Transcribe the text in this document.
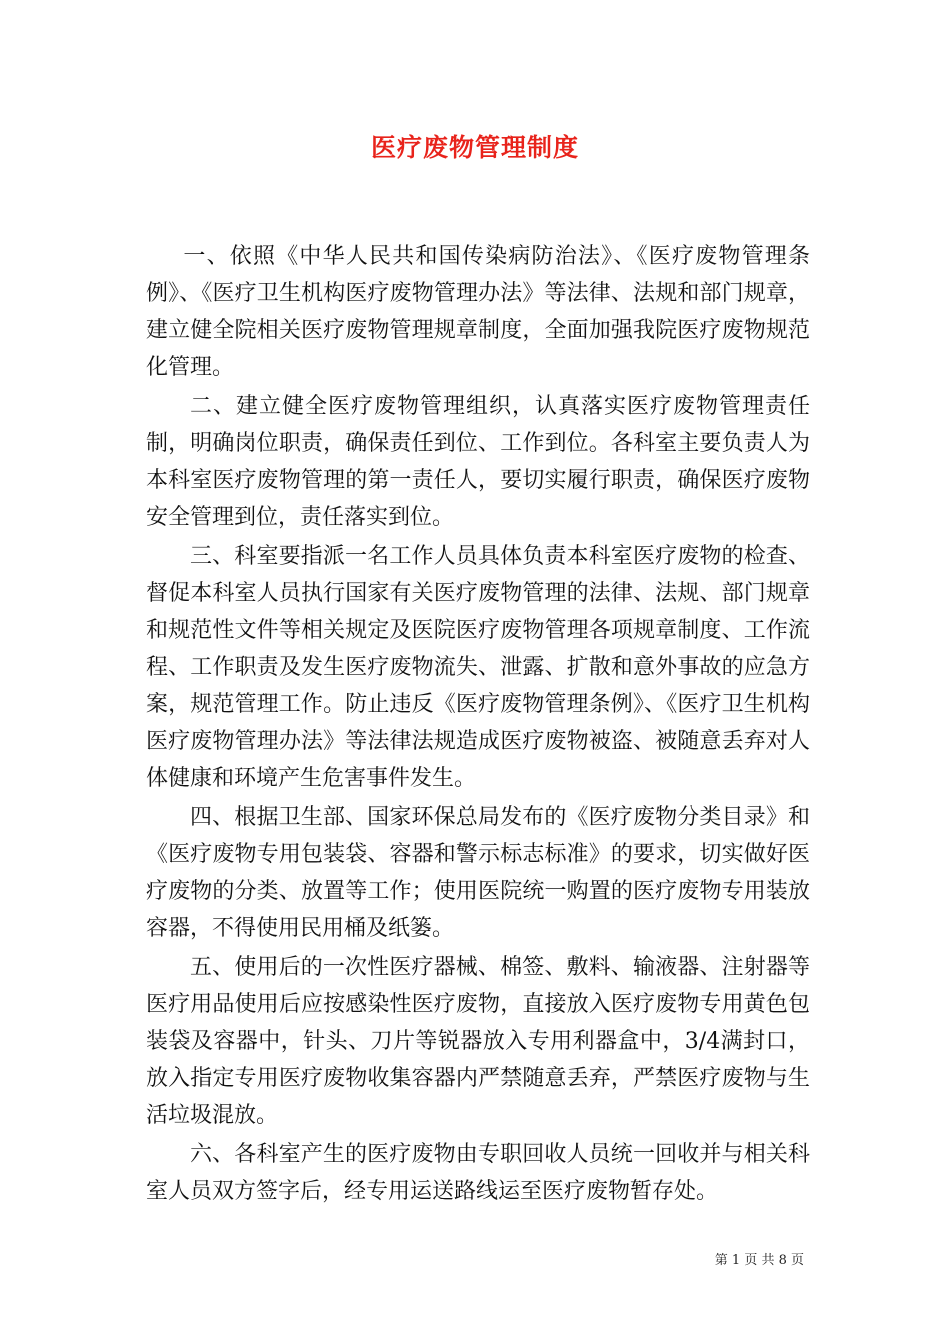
医疗废物管理制度

一、依照《中华人民共和国传染病防治法》、《医疗废物管理条例》、《医疗卫生机构医疗废物管理办法》等法律、法规和部门规章，建立健全院相关医疗废物管理规章制度，全面加强我院医疗废物规范化管理。

二、建立健全医疗废物管理组织，认真落实医疗废物管理责任制，明确岗位职责，确保责任到位、工作到位。各科室主要负责人为本科室医疗废物管理的第一责任人，要切实履行职责，确保医疗废物安全管理到位，责任落实到位。

三、科室要指派一名工作人员具体负责本科室医疗废物的检查、督促本科室人员执行国家有关医疗废物管理的法律、法规、部门规章和规范性文件等相关规定及医院医疗废物管理各项规章制度、工作流程、工作职责及发生医疗废物流失、泄露、扩散和意外事故的应急方案，规范管理工作。防止违反《医疗废物管理条例》、《医疗卫生机构医疗废物管理办法》等法律法规造成医疗废物被盗、被随意丢弃对人体健康和环境产生危害事件发生。

四、根据卫生部、国家环保总局发布的《医疗废物分类目录》和《医疗废物专用包装袋、容器和警示标志标准》的要求，切实做好医疗废物的分类、放置等工作；使用医院统一购置的医疗废物专用装放容器，不得使用民用桶及纸篓。

五、使用后的一次性医疗器械、棉签、敷料、输液器、注射器等医疗用品使用后应按感染性医疗废物，直接放入医疗废物专用黄色包装袋及容器中，针头、刀片等锐器放入专用利器盒中，3/4满封口，放入指定专用医疗废物收集容器内严禁随意丢弃，严禁医疗废物与生活垃圾混放。

六、各科室产生的医疗废物由专职回收人员统一回收并与相关科室人员双方签字后，经专用运送路线运至医疗废物暂存处。

第 1 页 共 8 页
